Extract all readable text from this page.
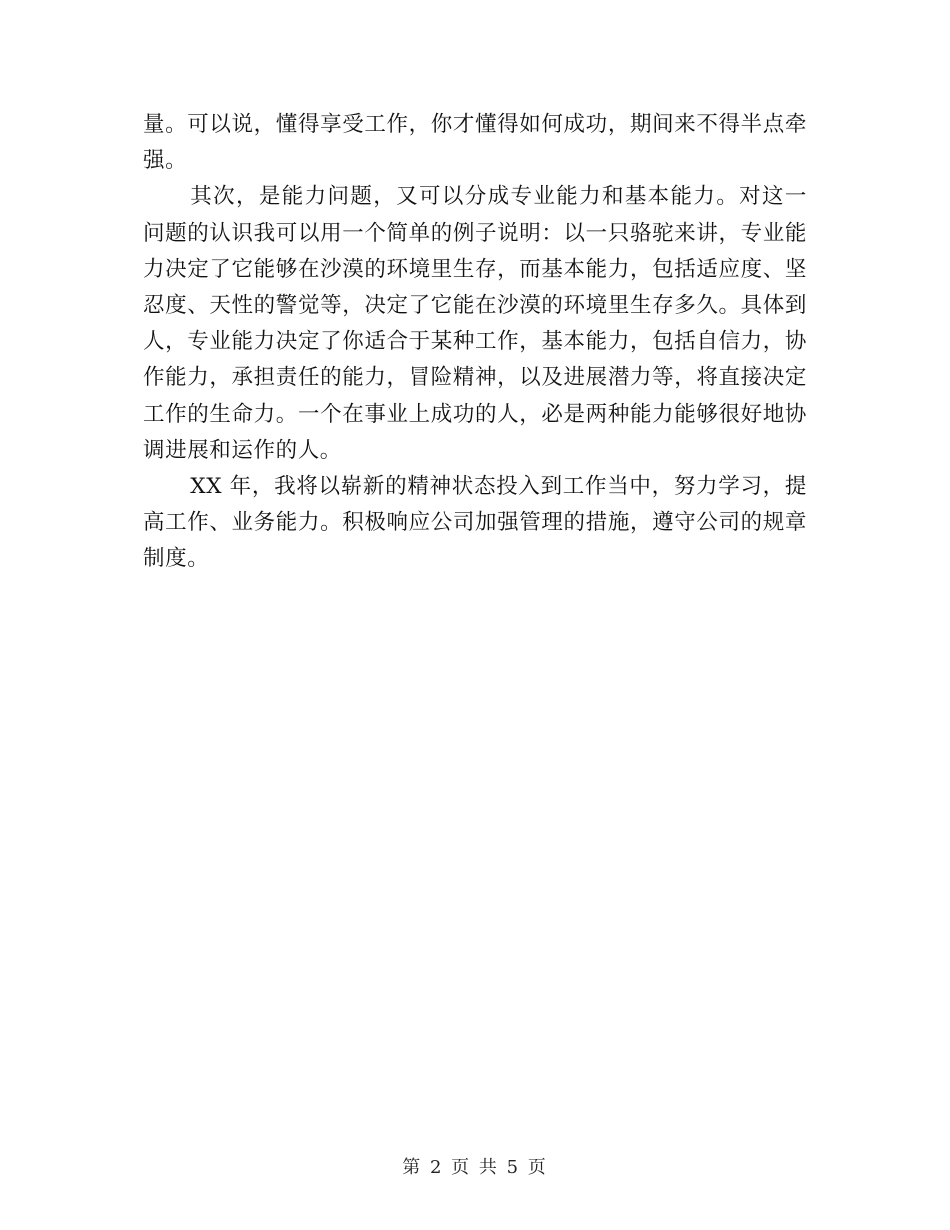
量。可以说，懂得享受工作，你才懂得如何成功，期间来不得半点牵强。

其次，是能力问题，又可以分成专业能力和基本能力。对这一问题的认识我可以用一个简单的例子说明：以一只骆驼来讲，专业能力决定了它能够在沙漠的环境里生存，而基本能力，包括适应度、坚忍度、天性的警觉等，决定了它能在沙漠的环境里生存多久。具体到人，专业能力决定了你适合于某种工作，基本能力，包括自信力，协作能力，承担责任的能力，冒险精神，以及进展潜力等，将直接决定工作的生命力。一个在事业上成功的人，必是两种能力能够很好地协调进展和运作的人。

XX 年，我将以崭新的精神状态投入到工作当中，努力学习，提高工作、业务能力。积极响应公司加强管理的措施，遵守公司的规章制度。

第 2 页 共 5 页
